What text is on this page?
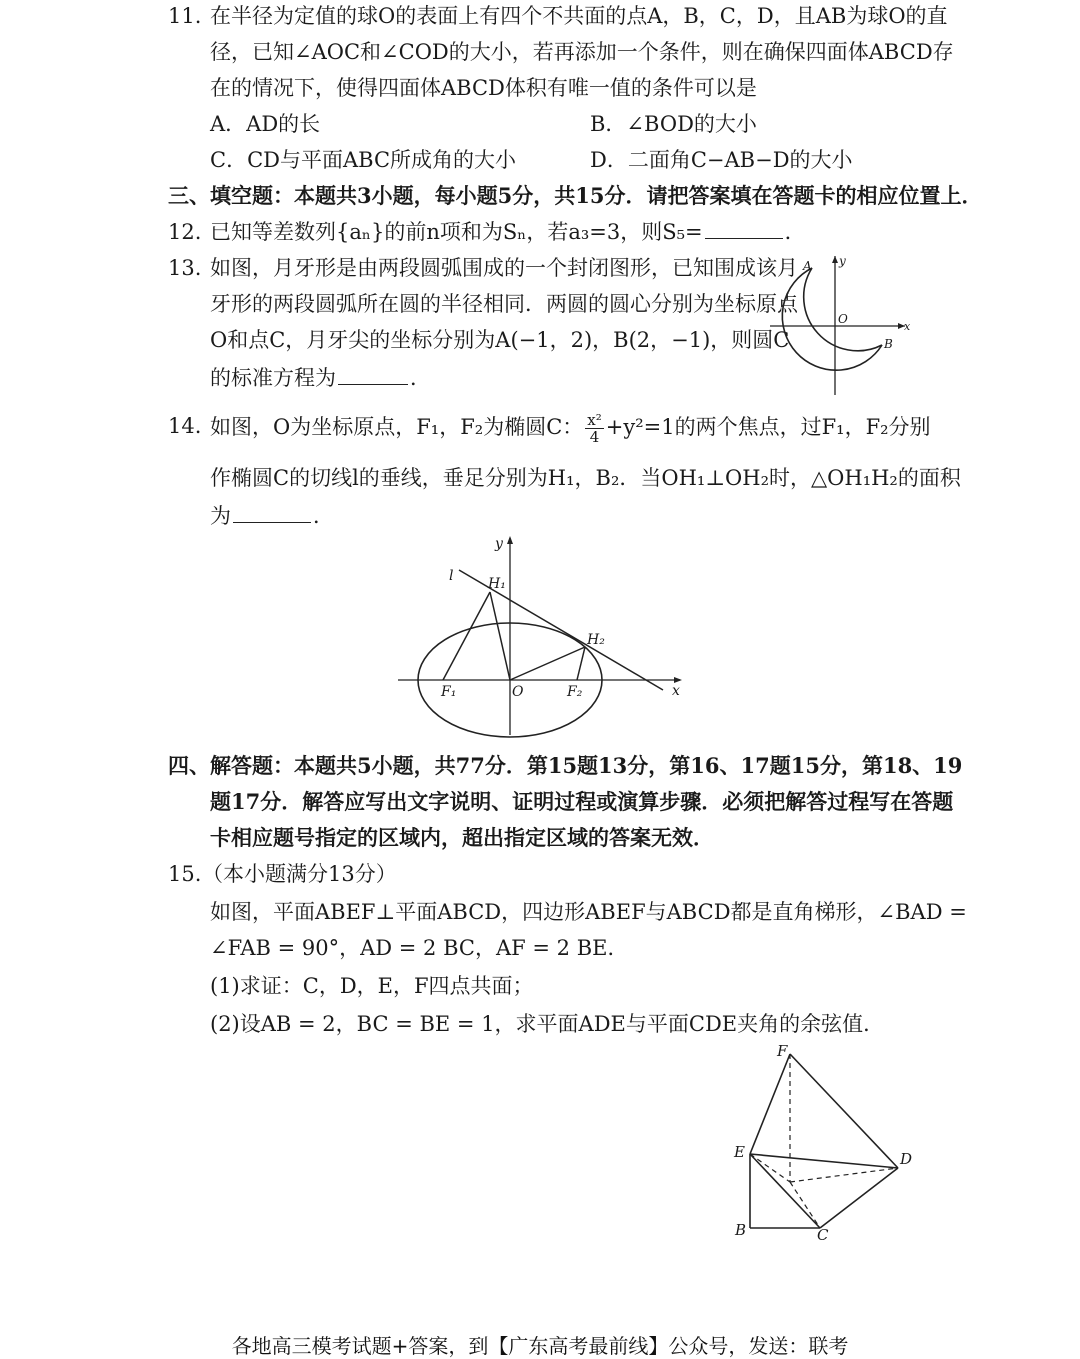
11. 在半径为定值的球O的表面上有四个不共面的点A，B，C，D，且AB为球O的直
径，已知∠AOC和∠COD的大小，若再添加一个条件，则在确保四面体ABCD存
在的情况下，使得四面体ABCD体积有唯一值的条件可以是
A．AD的长	B．∠BOD的大小
C．CD与平面ABC所成角的大小	D．二面角C−AB−D的大小
三、填空题：本题共3小题，每小题5分，共15分．请把答案填在答题卡的相应位置上．
12. 已知等差数列{aₙ}的前n项和为Sₙ，若a₃=3，则S₅=	．
13. 如图，月牙形是由两段圆弧围成的一个封闭图形，已知围成该月
牙形的两段圆弧所在圆的半径相同．两圆的圆心分别为坐标原点
O和点C，月牙尖的坐标分别为A(−1，2)，B(2，−1)，则圆C
的标准方程为	．
A y
O
x
B
14. 如图，O为坐标原点，F₁，F₂为椭圆C： $\frac{\text{x²}}{4} +y^2=1$的两个焦点，过F₁，F₂分别
作椭圆C的切线l的垂线，垂足分别为H₁，B₂．当OH₁⊥OH₂时，△OH₁H₂的面积
为	．
l
y
H₁
H₂
F₁	O	F₂	x
四、解答题：本题共5小题，共77分．第15题13分，第16、17题15分，第18、19
题17分．解答应写出文字说明、证明过程或演算步骤．必须把解答过程写在答题
卡相应题号指定的区域内，超出指定区域的答案无效．
15. （本小题满分13分）
如图，平面ABEF⊥平面ABCD，四边形ABEF与ABCD都是直角梯形，∠BAD =
∠FAB = 90°，AD = 2 BC，AF = 2 BE．
(1)求证：C，D，E，F四点共面；
(2)设AB = 2，BC = BE = 1，求平面ADE与平面CDE夹角的余弦值．
F
E	D
B	C
各地高三模考试题+答案，到【广东高考最前线】公众号，发送：联考
